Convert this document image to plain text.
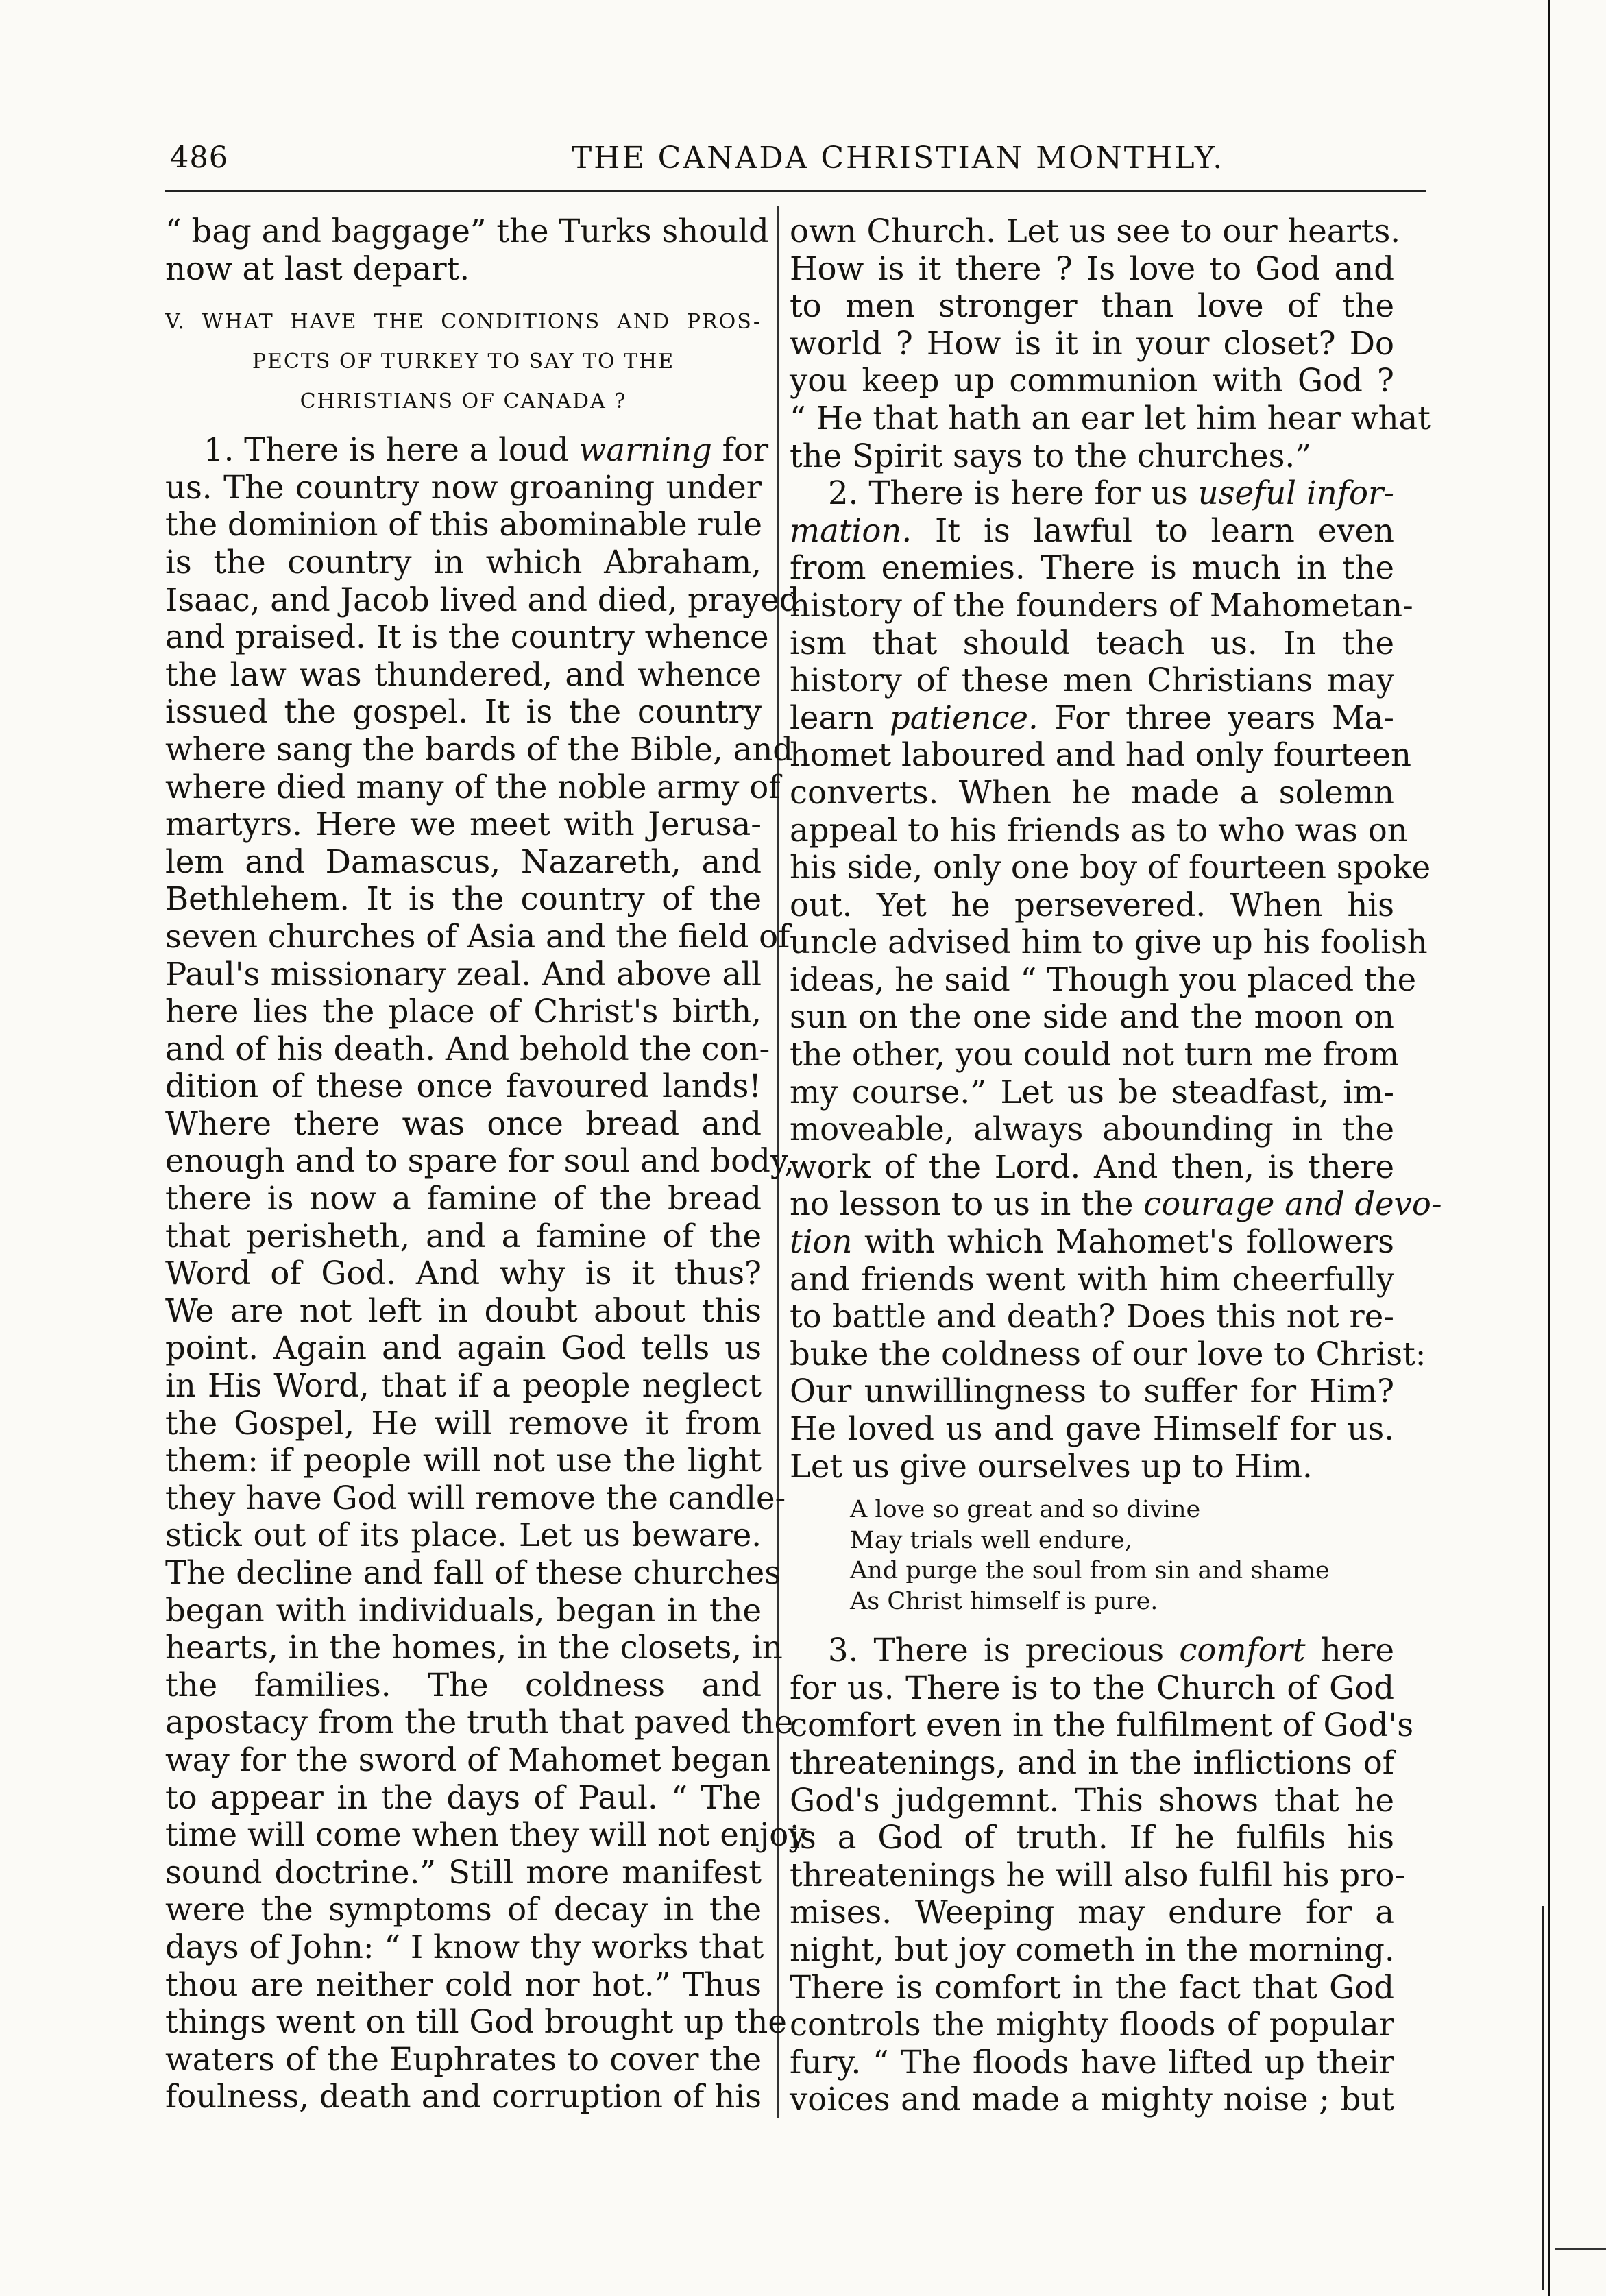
486	THE CANADA CHRISTIAN MONTHLY.
“ bag and baggage” the Turks should
now at last depart.
V. WHAT HAVE THE CONDITIONS AND PROS-
PECTS OF TURKEY TO SAY TO THE
CHRISTIANS OF CANADA ?
1. There is here a loud warning for
us. The country now groaning under
the dominion of this abominable rule
is the country in which Abraham,
Isaac, and Jacob lived and died, prayed
and praised. It is the country whence
the law was thundered, and whence
issued the gospel. It is the country
where sang the bards of the Bible, and
where died many of the noble army of
martyrs. Here we meet with Jerusa-
lem and Damascus, Nazareth, and
Bethlehem. It is the country of the
seven churches of Asia and the field of
Paul's missionary zeal. And above all
here lies the place of Christ's birth,
and of his death. And behold the con-
dition of these once favoured lands!
Where there was once bread and
enough and to spare for soul and body,
there is now a famine of the bread
that perisheth, and a famine of the
Word of God. And why is it thus?
We are not left in doubt about this
point. Again and again God tells us
in His Word, that if a people neglect
the Gospel, He will remove it from
them: if people will not use the light
they have God will remove the candle-
stick out of its place. Let us beware.
The decline and fall of these churches
began with individuals, began in the
hearts, in the homes, in the closets, in
the families. The coldness and
apostacy from the truth that paved the
way for the sword of Mahomet began
to appear in the days of Paul. “ The
time will come when they will not enjoy
sound doctrine.” Still more manifest
were the symptoms of decay in the
days of John: “ I know thy works that
thou are neither cold nor hot.” Thus
things went on till God brought up the
waters of the Euphrates to cover the
foulness, death and corruption of his
own Church. Let us see to our hearts.
How is it there ? Is love to God and
to men stronger than love of the
world ? How is it in your closet? Do
you keep up communion with God ?
“ He that hath an ear let him hear what
the Spirit says to the churches.”
2. There is here for us useful infor-
mation. It is lawful to learn even
from enemies. There is much in the
history of the founders of Mahometan-
ism that should teach us. In the
history of these men Christians may
learn patience. For three years Ma-
homet laboured and had only fourteen
converts. When he made a solemn
appeal to his friends as to who was on
his side, only one boy of fourteen spoke
out. Yet he persevered. When his
uncle advised him to give up his foolish
ideas, he said “ Though you placed the
sun on the one side and the moon on
the other, you could not turn me from
my course.” Let us be steadfast, im-
moveable, always abounding in the
work of the Lord. And then, is there
no lesson to us in the courage and devo-
tion with which Mahomet's followers
and friends went with him cheerfully
to battle and death? Does this not re-
buke the coldness of our love to Christ:
Our unwillingness to suffer for Him?
He loved us and gave Himself for us.
Let us give ourselves up to Him.
A love so great and so divine
May trials well endure,
And purge the soul from sin and shame
As Christ himself is pure.
3. There is precious comfort here
for us. There is to the Church of God
comfort even in the fulfilment of God's
threatenings, and in the inflictions of
God's judgemnt. This shows that he
is a God of truth. If he fulfils his
threatenings he will also fulfil his pro-
mises. Weeping may endure for a
night, but joy cometh in the morning.
There is comfort in the fact that God
controls the mighty floods of popular
fury. “ The floods have lifted up their
voices and made a mighty noise ; but
